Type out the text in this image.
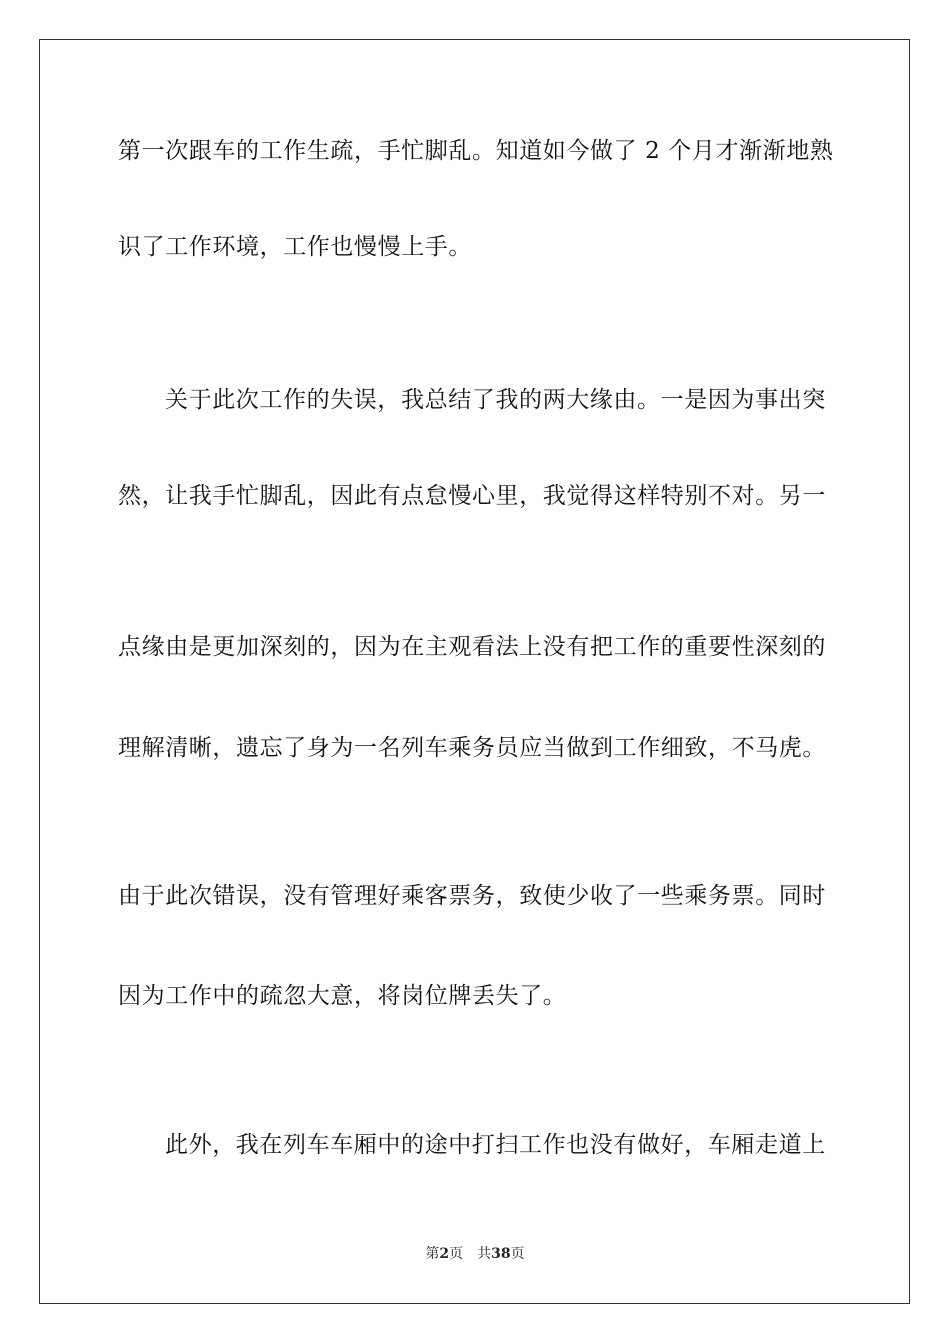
第一次跟车的工作生疏，手忙脚乱。知道如今做了 2 个月才渐渐地熟
识了工作环境，工作也慢慢上手。
关于此次工作的失误，我总结了我的两大缘由。一是因为事出突
然，让我手忙脚乱，因此有点怠慢心里，我觉得这样特别不对。另一
点缘由是更加深刻的，因为在主观看法上没有把工作的重要性深刻的
理解清晰，遗忘了身为一名列车乘务员应当做到工作细致，不马虎。
由于此次错误，没有管理好乘客票务，致使少收了一些乘务票。同时
因为工作中的疏忽大意，将岗位牌丢失了。
此外，我在列车车厢中的途中打扫工作也没有做好，车厢走道上
第2页 共38页
